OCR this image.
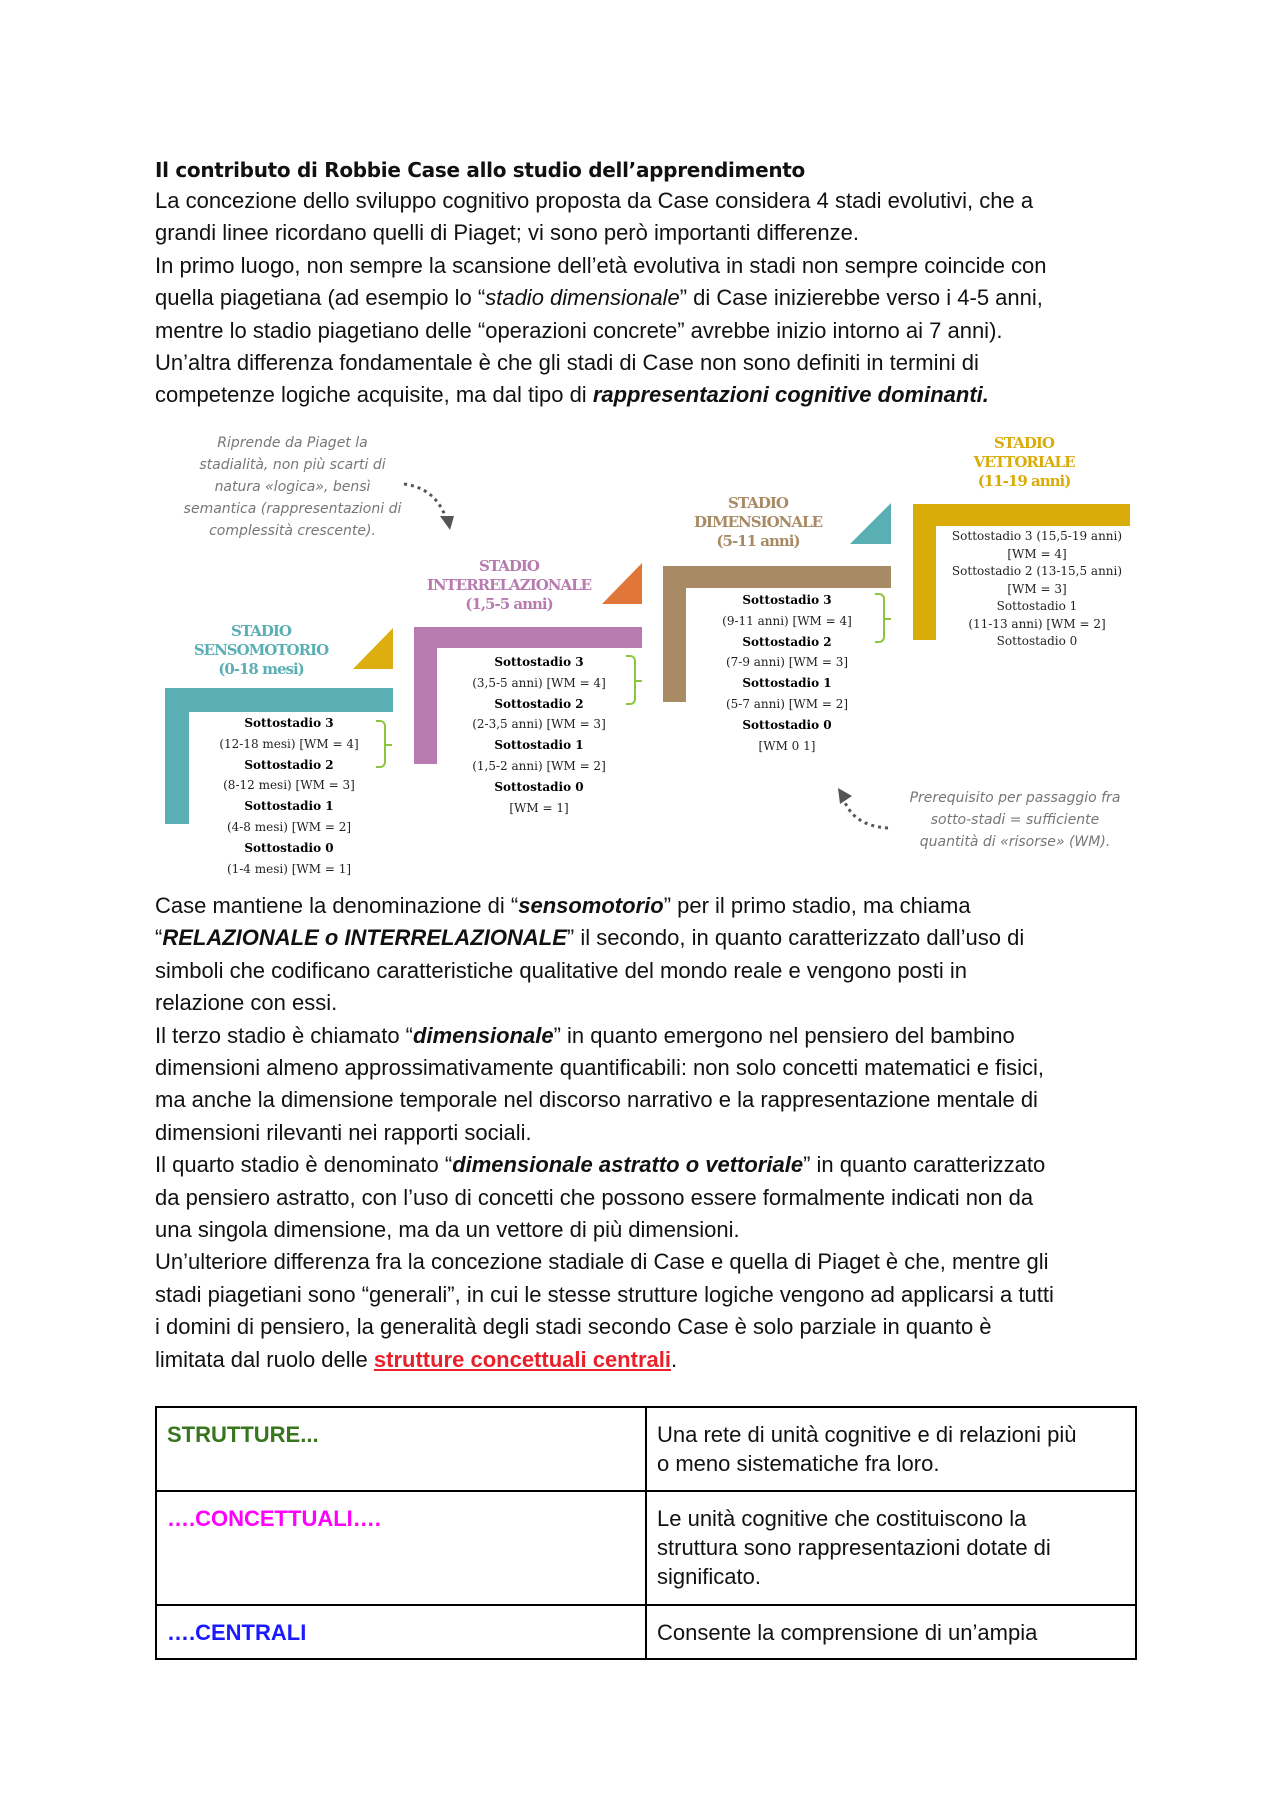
Il contributo di Robbie Case allo studio dell’apprendimento
La concezione dello sviluppo cognitivo proposta da Case considera 4 stadi evolutivi, che a
grandi linee ricordano quelli di Piaget; vi sono però importanti differenze.
In primo luogo, non sempre la scansione dell’età evolutiva in stadi non sempre coincide con
quella piagetiana (ad esempio lo “stadio dimensionale” di Case inizierebbe verso i 4-5 anni,
mentre lo stadio piagetiano delle “operazioni concrete” avrebbe inizio intorno ai 7 anni).
Un’altra differenza fondamentale è che gli stadi di Case non sono definiti in termini di
competenze logiche acquisite, ma dal tipo di rappresentazioni cognitive dominanti.
Riprende da Piaget la
stadialità, non più scarti di
natura «logica», bensì
semantica (rappresentazioni di
complessità crescente).
Prerequisito per passaggio fra
sotto-stadi = sufficiente
quantità di «risorse» (WM).
STADIO
SENSOMOTORIO
(0-18 mesi)
Sottostadio 3
(12-18 mesi) [WM = 4]
Sottostadio 2
(8-12 mesi) [WM = 3]
Sottostadio 1
(4-8 mesi) [WM = 2]
Sottostadio 0
(1-4 mesi) [WM = 1]
STADIO
INTERRELAZIONALE
(1,5-5 anni)
Sottostadio 3
(3,5-5 anni) [WM = 4]
Sottostadio 2
(2-3,5 anni) [WM = 3]
Sottostadio 1
(1,5-2 anni) [WM = 2]
Sottostadio 0
[WM = 1]
STADIO
DIMENSIONALE
(5-11 anni)
Sottostadio 3
(9-11 anni) [WM = 4]
Sottostadio 2
(7-9 anni) [WM = 3]
Sottostadio 1
(5-7 anni) [WM = 2]
Sottostadio 0
[WM 0 1]
STADIO
VETTORIALE
(11-19 anni)
Sottostadio 3 (15,5-19 anni)
[WM = 4]
Sottostadio 2 (13-15,5 anni)
[WM = 3]
Sottostadio 1
(11-13 anni) [WM = 2]
Sottostadio 0
Case mantiene la denominazione di “sensomotorio” per il primo stadio, ma chiama
“RELAZIONALE o INTERRELAZIONALE” il secondo, in quanto caratterizzato dall’uso di
simboli che codificano caratteristiche qualitative del mondo reale e vengono posti in
relazione con essi.
Il terzo stadio è chiamato “dimensionale” in quanto emergono nel pensiero del bambino
dimensioni almeno approssimativamente quantificabili: non solo concetti matematici e fisici,
ma anche la dimensione temporale nel discorso narrativo e la rappresentazione mentale di
dimensioni rilevanti nei rapporti sociali.
Il quarto stadio è denominato “dimensionale astratto o vettoriale” in quanto caratterizzato
da pensiero astratto, con l’uso di concetti che possono essere formalmente indicati non da
una singola dimensione, ma da un vettore di più dimensioni.
Un’ulteriore differenza fra la concezione stadiale di Case e quella di Piaget è che, mentre gli
stadi piagetiani sono “generali”, in cui le stesse strutture logiche vengono ad applicarsi a tutti
i domini di pensiero, la generalità degli stadi secondo Case è solo parziale in quanto è
limitata dal ruolo delle strutture concettuali centrali.
STRUTTURE...	Una rete di unità cognitive e di relazioni più
o meno sistematiche fra loro.

….CONCETTUALI….	Le unità cognitive che costituiscono la
struttura sono rappresentazioni dotate di
significato.

….CENTRALI	Consente la comprensione di un’ampia
